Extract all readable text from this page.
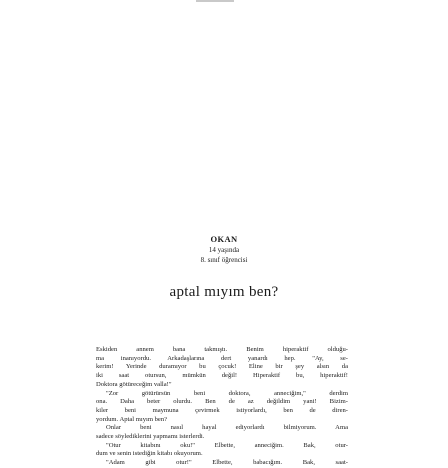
OKAN
14 yaşında
8. sınıf öğrencisi
aptal mıyım ben?

Eskiden annem bana takmıştı. Benim hiperaktif olduğu-

ma inanıyordu. Arkadaşlarına dert yanardı hep. "Ay, se-

kerim! Yerinde duramıyor bu çocuk! Eline bir şey alsın da

iki saat otursun, mümkün değil! Hiperaktif bu, hiperaktif!

Doktora götüreceğim valla!"

"Zor götürürsün beni doktora, anneciğim," derdim

ona. Daha beter olurdu. Ben de az değildim yani! Bizim-

kiler beni maymuna çevirmek istiyorlardı, ben de diren-

yordum. Aptal mıyım ben?

Onlar beni nasıl hayal ediyorlardı bilmiyorum. Ama

sadece söylediklerini yapmamı isterlerdi.

"Otur kitabını oku!" Elbette, anneciğim. Bak, otur-

dum ve senin istediğin kitabı okuyorum.

"Adam gibi otur!" Elbette, babacığım. Bak, saat-
